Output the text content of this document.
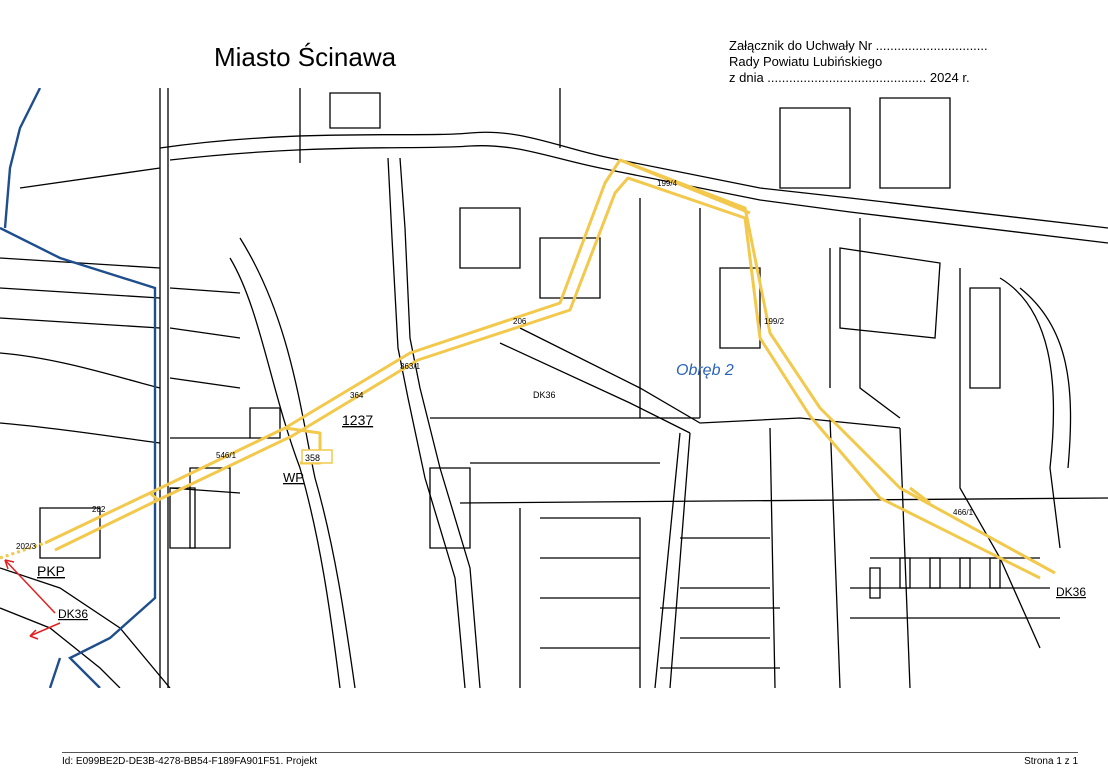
Miasto Ścinawa	Załącznik do Uchwały Nr ...............................
Rady Powiatu Lubińskiego
z dnia ............................................ 2024 r.
358
199/4
199/2
206
363/1
364
546/1
282
202/3
466/1
1237
WP
PKP
DK36
DK36
DK36
Obręb 2
Id: E099BE2D-DE3B-4278-BB54-F189FA901F51. Projekt	Strona 1 z 1
